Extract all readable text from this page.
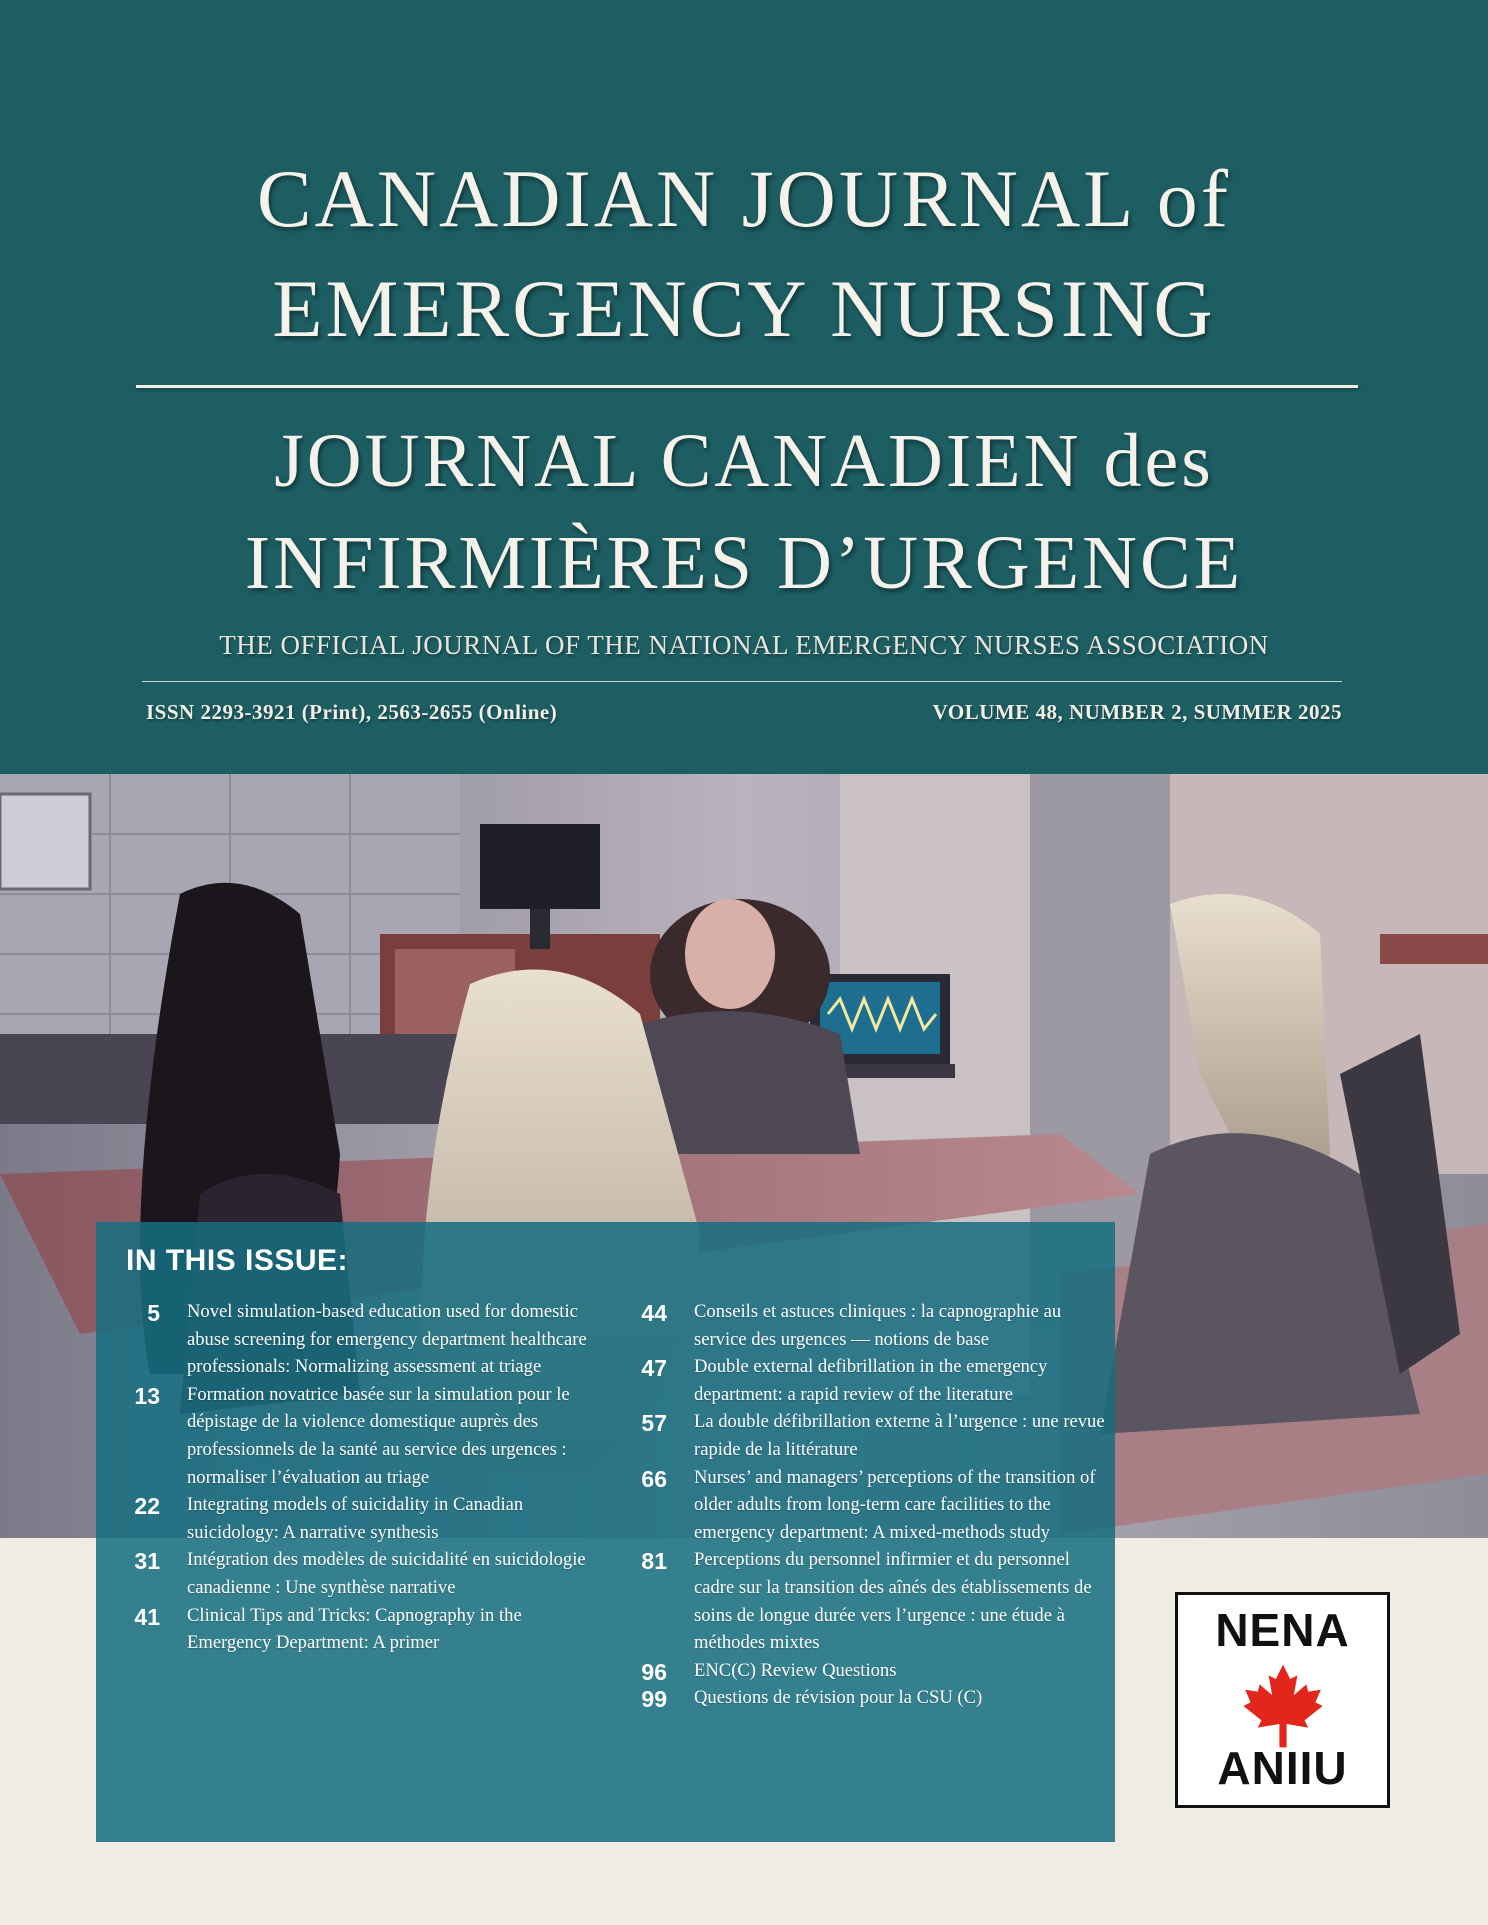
CANADIAN JOURNAL of
EMERGENCY NURSING
JOURNAL CANADIEN des
INFIRMIÈRES D’URGENCE
THE OFFICIAL JOURNAL OF THE NATIONAL EMERGENCY NURSES ASSOCIATION
ISSN 2293-3921 (Print), 2563-2655 (Online)	VOLUME 48, NUMBER 2, SUMMER 2025
IN THIS ISSUE:
5 Novel simulation-based education used for domestic abuse screening for emergency department healthcare professionals: Normalizing assessment at triage
13 Formation novatrice basée sur la simulation pour le dépistage de la violence domestique auprès des professionnels de la santé au service des urgences : normaliser l’évaluation au triage
22 Integrating models of suicidality in Canadian suicidology: A narrative synthesis
31 Intégration des modèles de suicidalité en suicidologie canadienne : Une synthèse narrative
41 Clinical Tips and Tricks: Capnography in the Emergency Department: A primer
44 Conseils et astuces cliniques : la capnographie au service des urgences — notions de base
47 Double external defibrillation in the emergency department: a rapid review of the literature
57 La double défibrillation externe à l’urgence : une revue rapide de la littérature
66 Nurses’ and managers’ perceptions of the transition of older adults from long-term care facilities to the emergency department: A mixed-methods study
81 Perceptions du personnel infirmier et du personnel cadre sur la transition des aînés des établissements de soins de longue durée vers l’urgence : une étude à méthodes mixtes
96 ENC(C) Review Questions
99 Questions de révision pour la CSU (C)
NENA
ANIIU
